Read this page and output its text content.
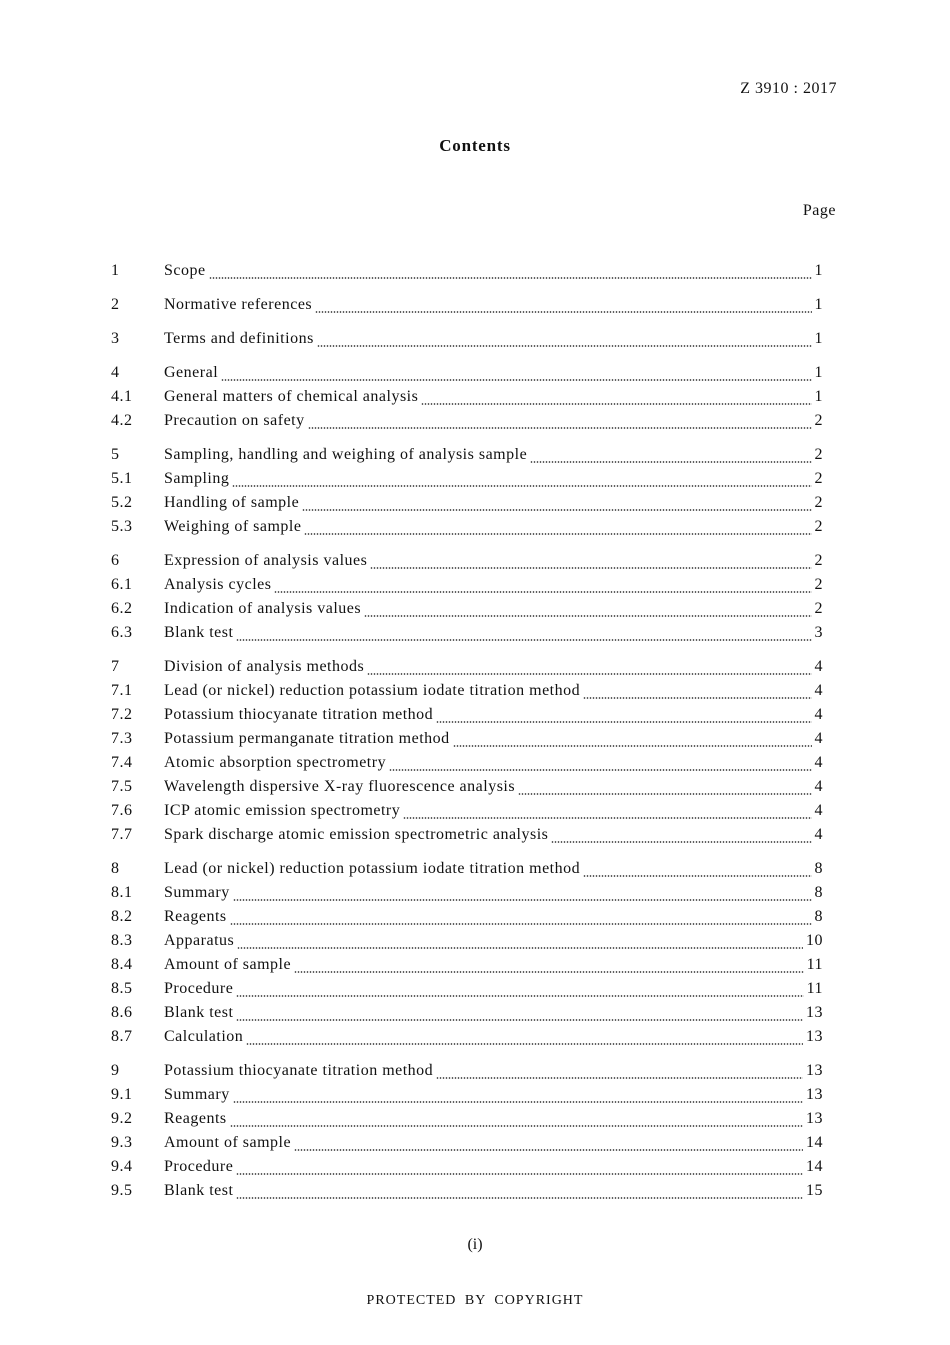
Z 3910 : 2017
Contents
Page
1	Scope	1
2	Normative references	1
3	Terms and definitions	1
4	General	1
4.1	General matters of chemical analysis	1
4.2	Precaution on safety	2
5	Sampling, handling and weighing of analysis sample	2
5.1	Sampling	2
5.2	Handling of sample	2
5.3	Weighing of sample	2
6	Expression of analysis values	2
6.1	Analysis cycles	2
6.2	Indication of analysis values	2
6.3	Blank test	3
7	Division of analysis methods	4
7.1	Lead (or nickel) reduction potassium iodate titration method	4
7.2	Potassium thiocyanate titration method	4
7.3	Potassium permanganate titration method	4
7.4	Atomic absorption spectrometry	4
7.5	Wavelength dispersive X-ray fluorescence analysis	4
7.6	ICP atomic emission spectrometry	4
7.7	Spark discharge atomic emission spectrometric analysis	4
8	Lead (or nickel) reduction potassium iodate titration method	8
8.1	Summary	8
8.2	Reagents	8
8.3	Apparatus	10
8.4	Amount of sample	11
8.5	Procedure	11
8.6	Blank test	13
8.7	Calculation	13
9	Potassium thiocyanate titration method	13
9.1	Summary	13
9.2	Reagents	13
9.3	Amount of sample	14
9.4	Procedure	14
9.5	Blank test	15
(i)
PROTECTED BY COPYRIGHT
